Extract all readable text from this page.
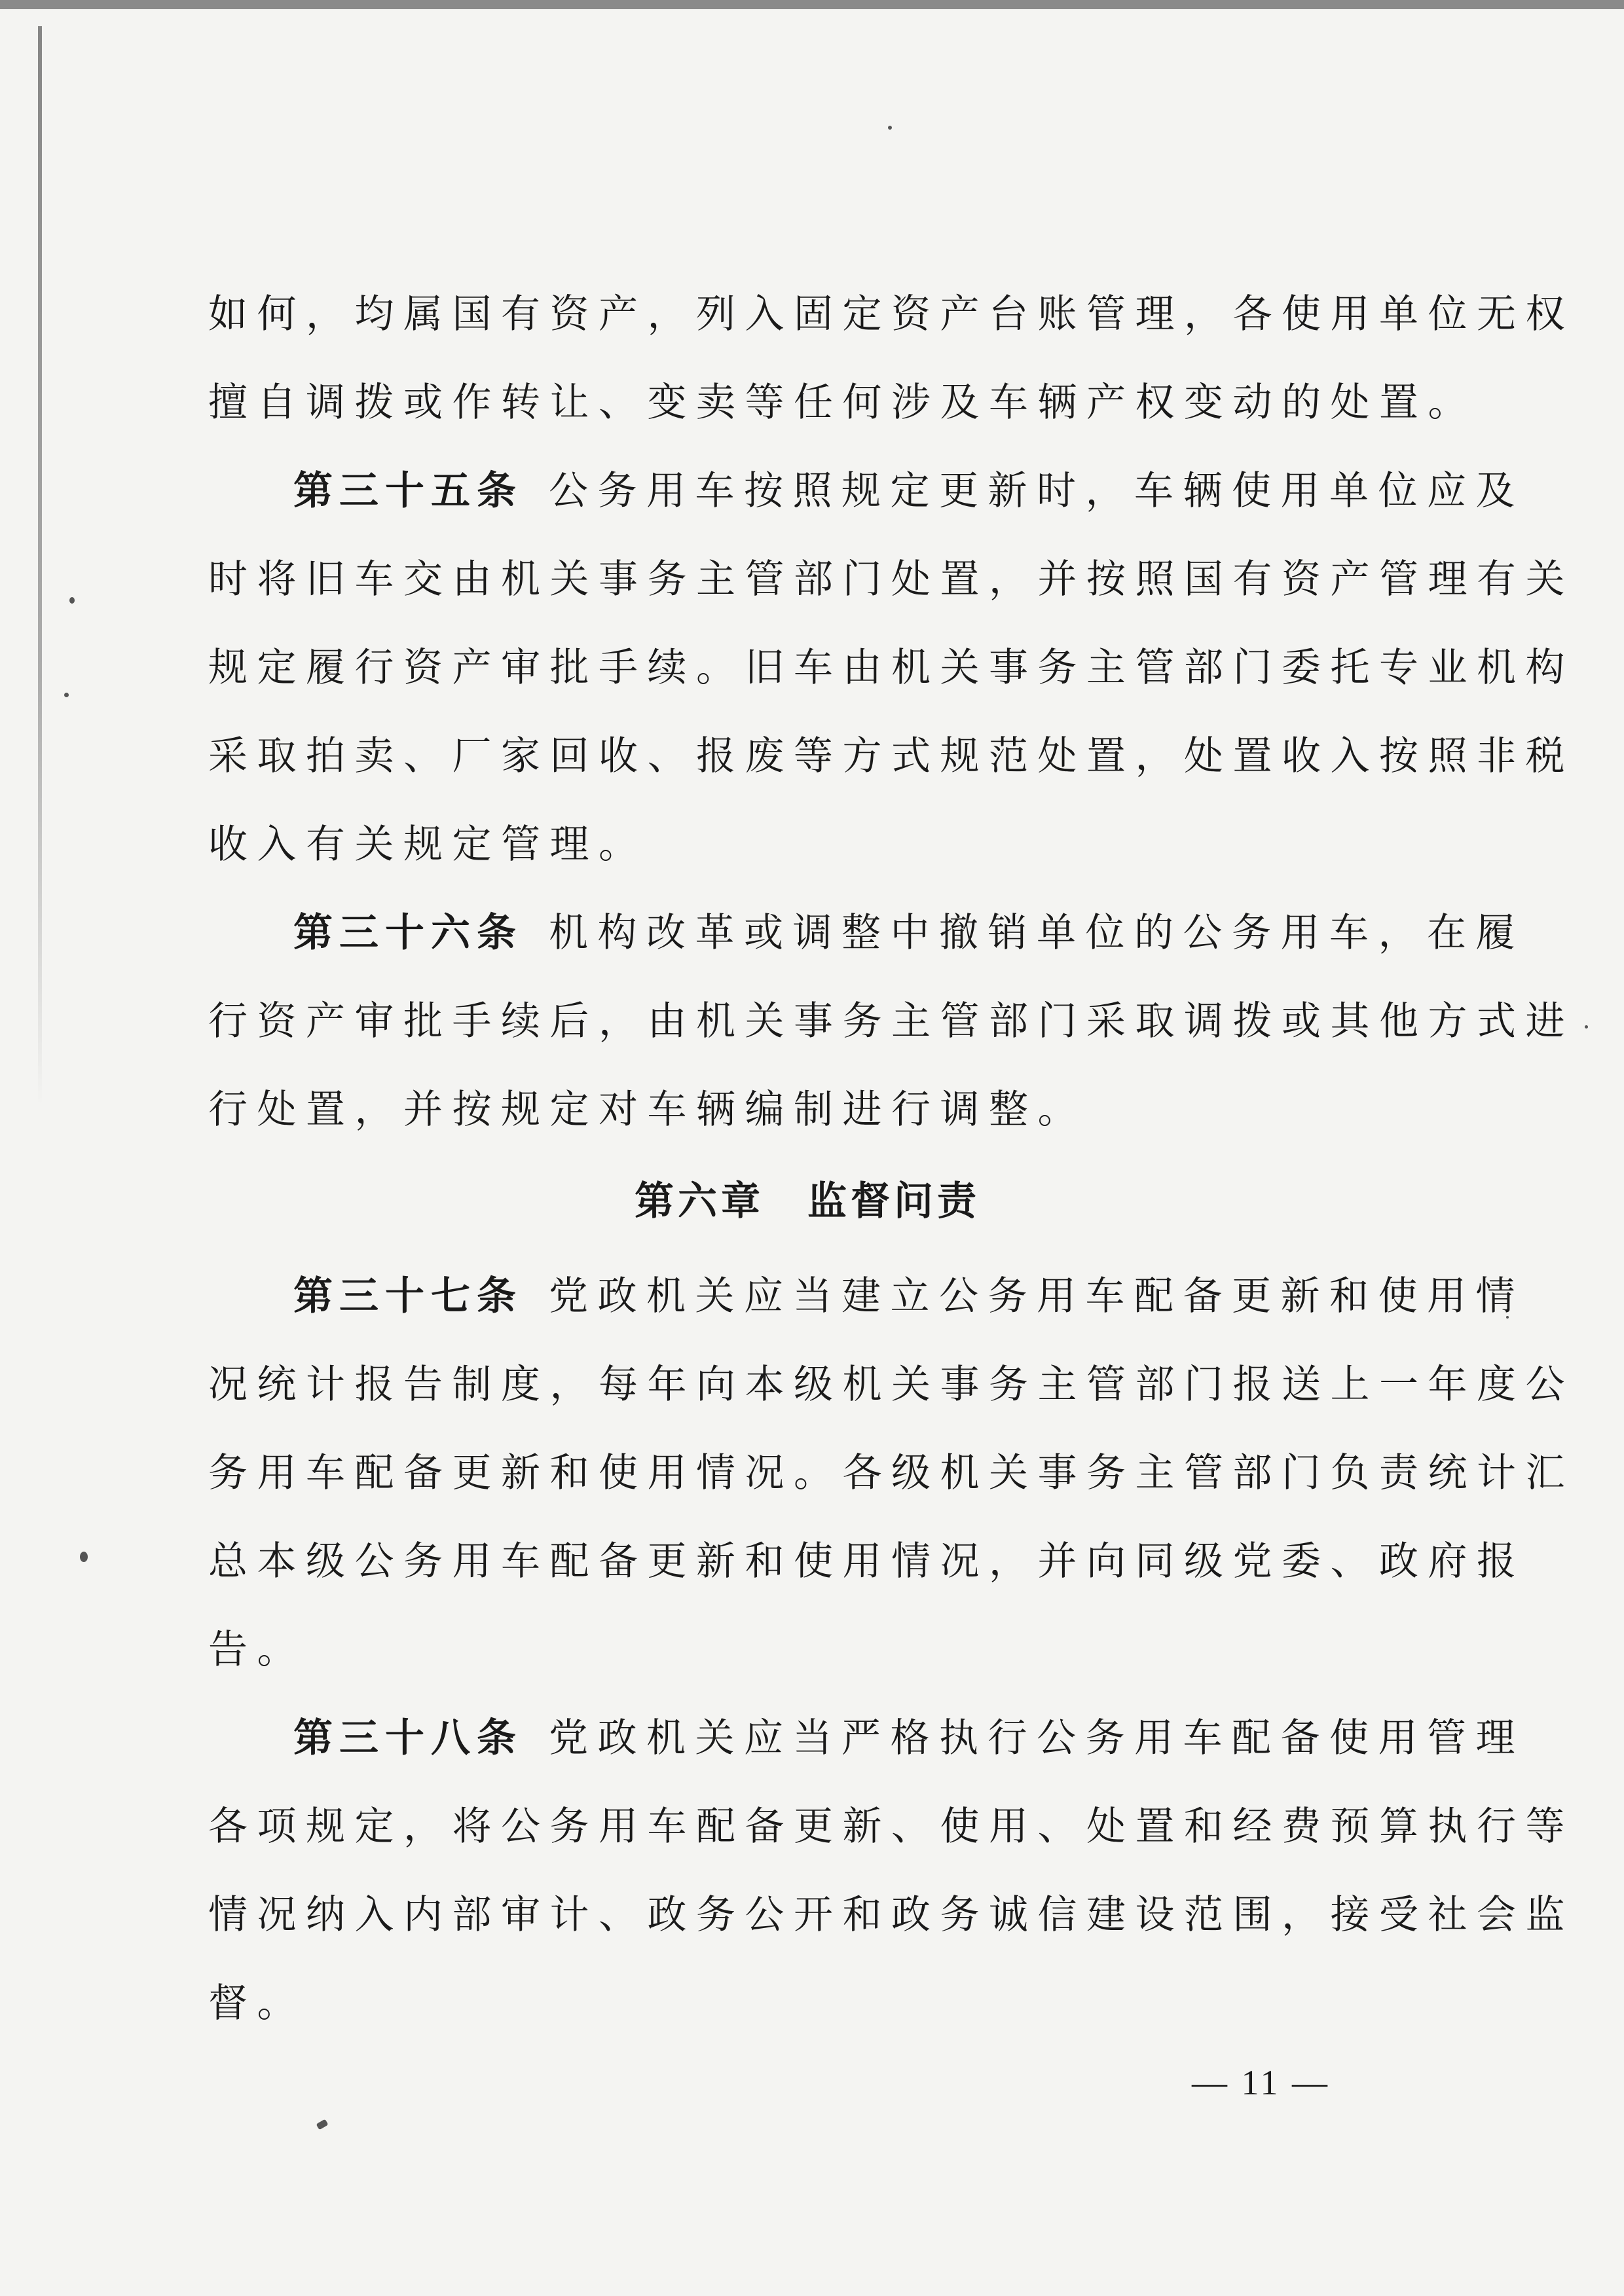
如何，均属国有资产，列入固定资产台账管理，各使用单位无权
擅自调拨或作转让、变卖等任何涉及车辆产权变动的处置。
第三十五条 公务用车按照规定更新时，车辆使用单位应及
时将旧车交由机关事务主管部门处置，并按照国有资产管理有关
规定履行资产审批手续。旧车由机关事务主管部门委托专业机构
采取拍卖、厂家回收、报废等方式规范处置，处置收入按照非税
收入有关规定管理。
第三十六条 机构改革或调整中撤销单位的公务用车，在履
行资产审批手续后，由机关事务主管部门采取调拨或其他方式进
行处置，并按规定对车辆编制进行调整。
第六章　监督问责
第三十七条 党政机关应当建立公务用车配备更新和使用情
况统计报告制度，每年向本级机关事务主管部门报送上一年度公
务用车配备更新和使用情况。各级机关事务主管部门负责统计汇
总本级公务用车配备更新和使用情况，并向同级党委、政府报
告。
第三十八条 党政机关应当严格执行公务用车配备使用管理
各项规定，将公务用车配备更新、使用、处置和经费预算执行等
情况纳入内部审计、政务公开和政务诚信建设范围，接受社会监
督。
— 11 —
